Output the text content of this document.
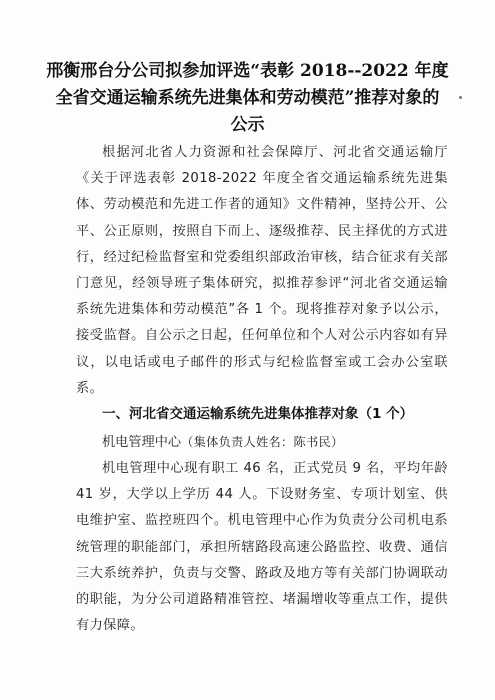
邢衡邢台分公司拟参加评选“表彰 2018--2022 年度
全省交通运输系统先进集体和劳动模范”推荐对象的
公示
根据河北省人力资源和社会保障厅、河北省交通运输厅《关于评选表彰 2018-2022 年度全省交通运输系统先进集体、劳动模范和先进工作者的通知》文件精神，坚持公开、公平、公正原则，按照自下而上、逐级推荐、民主择优的方式进行，经过纪检监督室和党委组织部政治审核，结合征求有关部门意见，经领导班子集体研究，拟推荐参评“河北省交通运输系统先进集体和劳动模范”各 1 个。现将推荐对象予以公示，接受监督。自公示之日起，任何单位和个人对公示内容如有异议，以电话或电子邮件的形式与纪检监督室或工会办公室联系。
一、河北省交通运输系统先进集体推荐对象（1 个）
机电管理中心（集体负责人姓名：陈书民）
机电管理中心现有职工 46 名，正式党员 9 名，平均年龄 41 岁，大学以上学历 44 人。下设财务室、专项计划室、供电维护室、监控班四个。机电管理中心作为负责分公司机电系统管理的职能部门，承担所辖路段高速公路监控、收费、通信三大系统养护，负责与交警、路政及地方等有关部门协调联动的职能，为分公司道路精准管控、堵漏增收等重点工作，提供有力保障。
